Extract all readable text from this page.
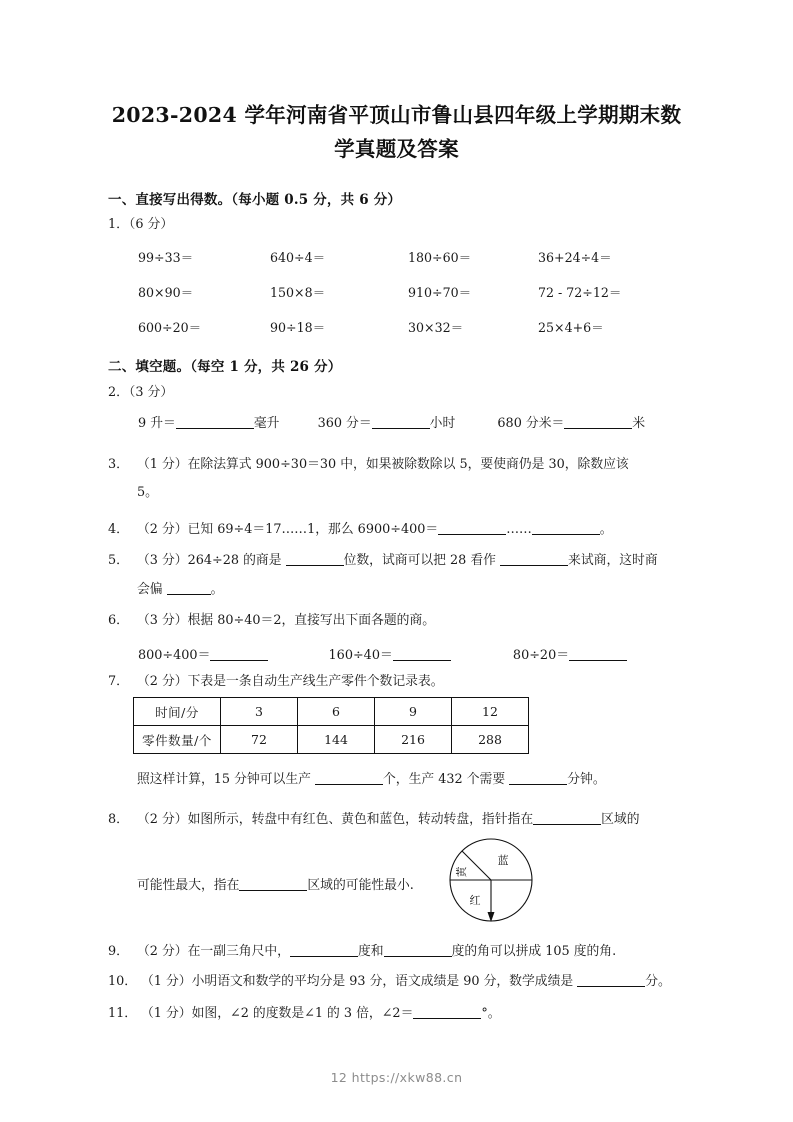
2023-2024 学年河南省平顶山市鲁山县四年级上学期期末数学真题及答案
一、直接写出得数。（每小题 0.5 分，共 6 分）
1．（6 分）
99÷33＝	640÷4＝	180÷60＝	36+24÷4＝
80×90＝	150×8＝	910÷70＝	72 - 72÷12＝
600÷20＝	90÷18＝	30×32＝	25×4+6＝
二、填空题。（每空 1 分，共 26 分）
2．（3 分）
9 升＝	毫升	360 分＝	小时	680 分米＝	米
3． （1 分）在除法算式 900÷30＝30 中，如果被除数除以 5，要使商仍是 30，除数应该
5。
4． （2 分）已知 69÷4＝17……1，那么 6900÷400＝	……	。
5． （3 分）264÷28 的商是	位数，试商可以把 28 看作	来试商，这时商
会偏	。
6． （3 分）根据 80÷40＝2，直接写出下面各题的商。
800÷400＝	160÷40＝	80÷20＝
7． （2 分）下表是一条自动生产线生产零件个数记录表。
时间/分	3	6	9	12
零件数量/个	72	144	216	288
照这样计算，15 分钟可以生产	个，生产 432 个需要	分钟。
8． （2 分）如图所示，转盘中有红色、黄色和蓝色，转动转盘，指针指在	区域的
可能性最大，指在	区域的可能性最小.
黄
蓝
红
9． （2 分）在一副三角尺中，	度和	度的角可以拼成 105 度的角.
10． （1 分）小明语文和数学的平均分是 93 分，语文成绩是 90 分，数学成绩是	分。
11． （1 分）如图，∠2 的度数是∠1 的 3 倍，∠2＝	°。
12 https://xkw88.cn
